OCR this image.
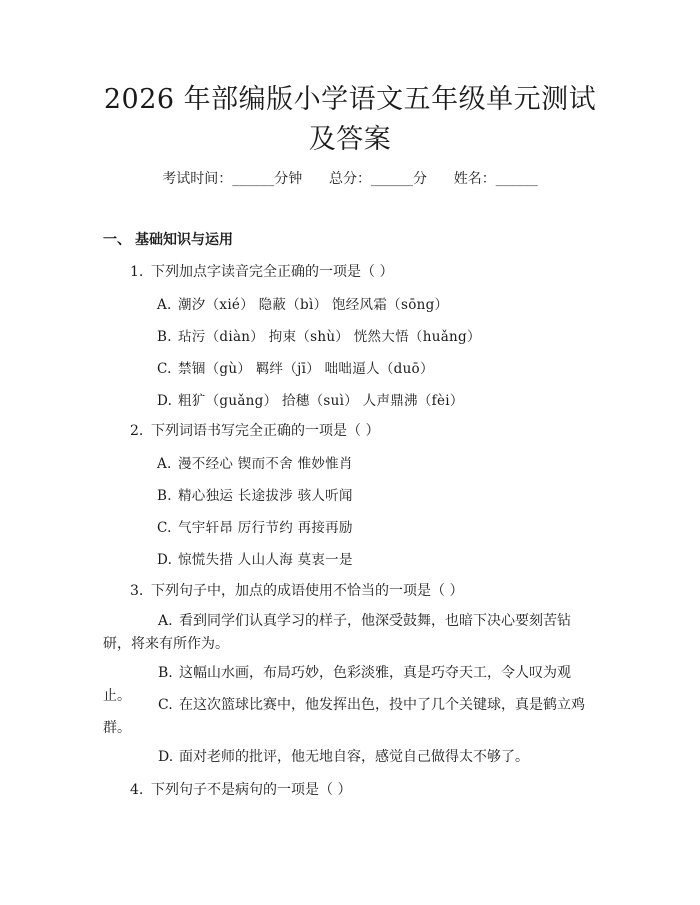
2026 年部编版小学语文五年级单元测试及答案
考试时间：______分钟 总分：______分 姓名：______
一、 基础知识与运用
1. 下列加点字读音完全正确的一项是（ ）
A. 潮汐（xié） 隐蔽（bì） 饱经风霜（sōng）
B. 玷污（diàn） 拘束（shù） 恍然大悟（huǎng）
C. 禁锢（gù） 羁绊（jī） 咄咄逼人（duō）
D. 粗犷（guǎng） 拾穗（suì） 人声鼎沸（fèi）
2. 下列词语书写完全正确的一项是（ ）
A. 漫不经心 锲而不舍 惟妙惟肖
B. 精心独运 长途拔涉 骇人听闻
C. 气宇轩昂 厉行节约 再接再励
D. 惊慌失措 人山人海 莫衷一是
3. 下列句子中，加点的成语使用不恰当的一项是（ ）
A. 看到同学们认真学习的样子，他深受鼓舞，也暗下决心要刻苦钻研，将来有所作为。
B. 这幅山水画，布局巧妙，色彩淡雅，真是巧夺天工，令人叹为观止。
C. 在这次篮球比赛中，他发挥出色，投中了几个关键球，真是鹤立鸡群。
D. 面对老师的批评，他无地自容，感觉自己做得太不够了。
4. 下列句子不是病句的一项是（ ）
